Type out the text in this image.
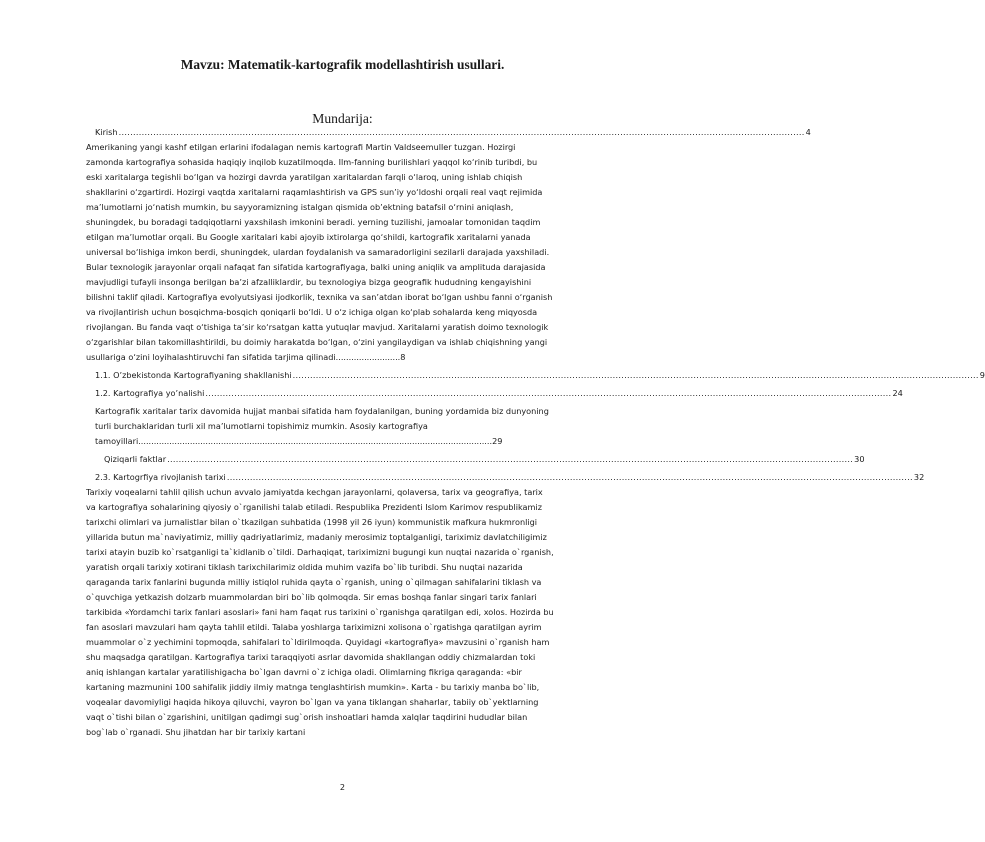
Mavzu: Matematik-kartografik modellashtirish usullari.
Mundarija:
Kirish .....	4

Amerikaning yangi kashf etilgan erlarini ifodalagan nemis kartografi Martin Valdseemuller tuzgan. Hozirgi zamonda kartografiya sohasida haqiqiy inqilob kuzatilmoqda. Ilm-fanning burilishlari yaqqol ko‘rinib turibdi, bu eski xaritalarga tegishli bo‘lgan va hozirgi davrda yaratilgan xaritalardan farqli o‘laroq, uning ishlab chiqish shakllarini o‘zgartirdi. Hozirgi vaqtda xaritalarni raqamlashtirish va GPS sun’iy yo‘ldoshi orqali real vaqt rejimida ma’lumotlarni jo‘natish mumkin, bu sayyoramizning istalgan qismida ob’ektning batafsil o‘rnini aniqlash, shuningdek, bu boradagi tadqiqotlarni yaxshilash imkonini beradi. yerning tuzilishi, jamoalar tomonidan taqdim etilgan ma’lumotlar orqali. Bu Google xaritalari kabi ajoyib ixtirolarga qo‘shildi, kartografik xaritalarni yanada universal bo‘lishiga imkon berdi, shuningdek, ulardan foydalanish va samaradorligini sezilarli darajada yaxshiladi. Bular texnologik jarayonlar orqali nafaqat fan sifatida kartografiyaga, balki uning aniqlik va amplituda darajasida mavjudligi tufayli insonga berilgan ba’zi afzalliklardir, bu texnologiya bizga geografik hududning kengayishini bilishni taklif qiladi. Kartografiya evolyutsiyasi ijodkorlik, texnika va san’atdan iborat bo‘lgan ushbu fanni o‘rganish va rivojlantirish uchun bosqichma-bosqich qoniqarli bo‘ldi. U o‘z ichiga olgan ko‘plab sohalarda keng miqyosda rivojlangan. Bu fanda vaqt o‘tishiga ta’sir ko‘rsatgan katta yutuqlar mavjud. Xaritalarni yaratish doimo texnologik o‘zgarishlar bilan takomillashtirildi, bu doimiy harakatda bo‘lgan, o‘zini yangilaydigan va ishlab chiqishning yangi usullariga o‘zini loyihalashtiruvchi fan sifatida tarjima qilinadi.........................8

1.1. O’zbekistonda Kartografiyaning shakllanishi .....	9
1.2. Kartografiya yo’nalishi .....	24

Kartografik xaritalar tarix davomida hujjat manbai sifatida ham foydalanilgan, buning yordamida biz dunyoning turli burchaklaridan turli xil ma’lumotlarni topishimiz mumkin. Asosiy kartografiya tamoyillari.........................................................................................................................................29

Qiziqarli faktlar .....	30
2.3. Kartogrfiya rivojlanish tarixi .....	32

Tarixiy voqealarni tahlil qilish uchun avvalo jamiyatda kechgan jarayonlarni, qolaversa, tarix va geografiya, tarix va kartografiya sohalarining qiyosiy o`rganilishi talab etiladi. Respublika Prezidenti Islom Karimov respublikamiz tarixchi olimlari va jurnalistlar bilan o`tkazilgan suhbatida (1998 yil 26 iyun) kommunistik mafkura hukmronligi yillarida butun ma`naviyatimiz, milliy qadriyatlarimiz, madaniy merosimiz toptalganligi, tariximiz davlatchiligimiz tarixi atayin buzib ko`rsatganligi ta`kidlanib o`tildi. Darhaqiqat, tariximizni bugungi kun nuqtai nazarida o`rganish, yaratish orqali tarixiy xotirani tiklash tarixchilarimiz oldida muhim vazifa bo`lib turibdi. Shu nuqtai nazarida qaraganda tarix fanlarini bugunda milliy istiqlol ruhida qayta o`rganish, uning o`qilmagan sahifalarini tiklash va o`quvchiga yetkazish dolzarb muammolardan biri bo`lib qolmoqda. Sir emas boshqa fanlar singari tarix fanlari tarkibida «Yordamchi tarix fanlari asoslari» fani ham faqat rus tarixini o`rganishga qaratilgan edi, xolos. Hozirda bu fan asoslari mavzulari ham qayta tahlil etildi. Talaba yoshlarga tariximizni xolisona o`rgatishga qaratilgan ayrim muammolar o`z yechimini topmoqda, sahifalari to`ldirilmoqda. Quyidagi «kartografiya» mavzusini o`rganish ham shu maqsadga qaratilgan. Kartografiya tarixi taraqqiyoti asrlar davomida shakllangan oddiy chizmalardan toki aniq ishlangan kartalar yaratilishigacha bo`lgan davrni o`z ichiga oladi. Olimlarning fikriga qaraganda: «bir kartaning mazmunini 100 sahifalik jiddiy ilmiy matnga tenglashtirish mumkin». Karta - bu tarixiy manba bo`lib, voqealar davomiyligi haqida hikoya qiluvchi, vayron bo`lgan va yana tiklangan shaharlar, tabiiy ob`yektlarning vaqt o`tishi bilan o`zgarishini, unitilgan qadimgi sug`orish inshoatlari hamda xalqlar taqdirini hududlar bilan bog`lab o`rganadi. Shu jihatdan har bir tarixiy kartani

2
